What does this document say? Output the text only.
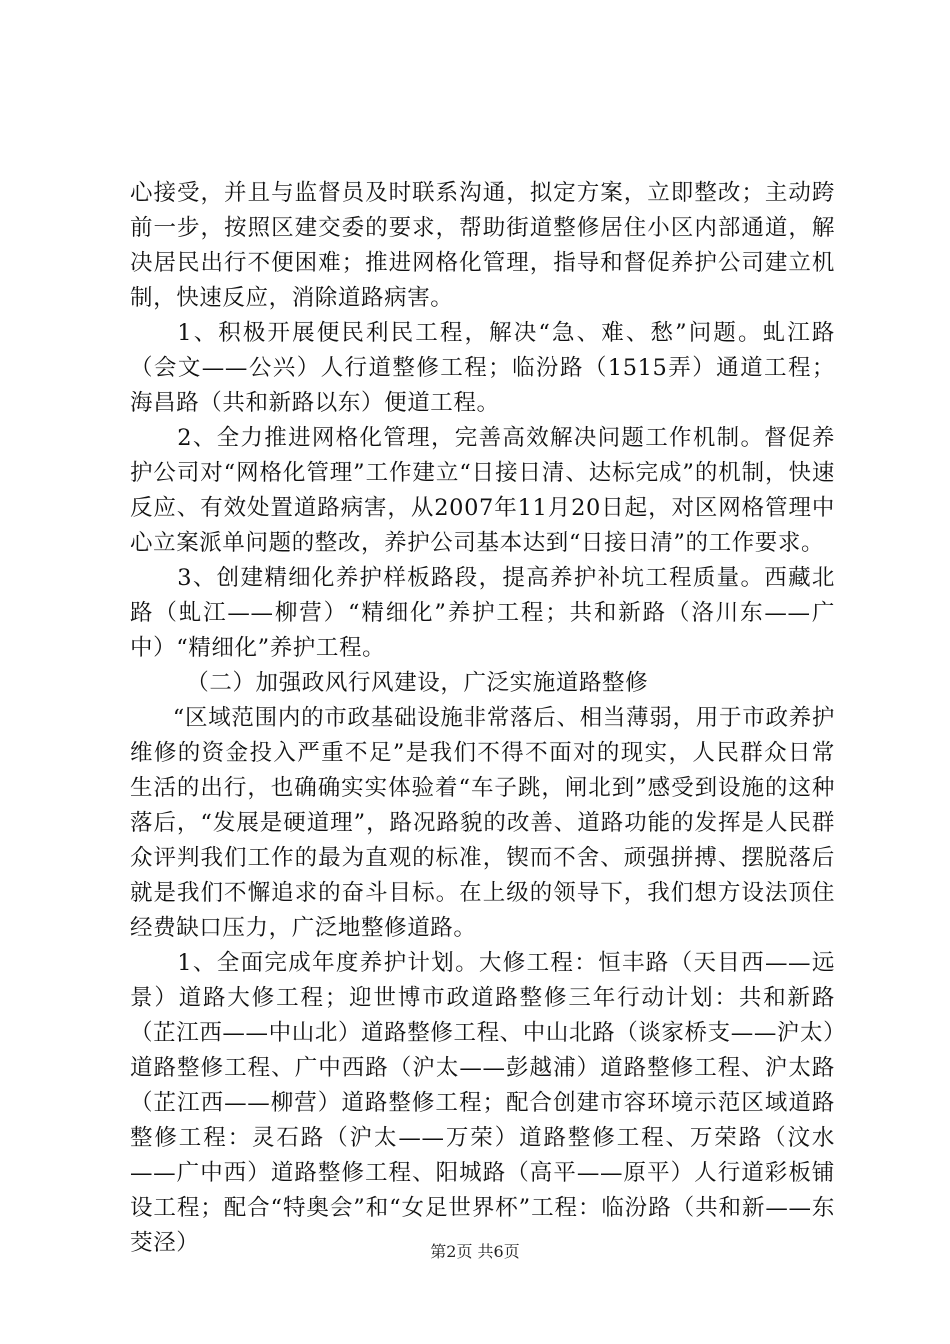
心接受，并且与监督员及时联系沟通，拟定方案，立即整改；主动跨前一步，按照区建交委的要求，帮助街道整修居住小区内部通道，解决居民出行不便困难；推进网格化管理，指导和督促养护公司建立机制，快速反应，消除道路病害。

1、积极开展便民利民工程，解决“急、难、愁”问题。虬江路（会文——公兴）人行道整修工程；临汾路（1515弄）通道工程；海昌路（共和新路以东）便道工程。

2、全力推进网格化管理，完善高效解决问题工作机制。督促养护公司对“网格化管理”工作建立“日接日清、达标完成”的机制，快速反应、有效处置道路病害，从2007年11月20日起，对区网格管理中心立案派单问题的整改，养护公司基本达到“日接日清”的工作要求。

3、创建精细化养护样板路段，提高养护补坑工程质量。西藏北路（虬江——柳营）“精细化”养护工程；共和新路（洛川东——广中）“精细化”养护工程。

（二）加强政风行风建设，广泛实施道路整修

“区域范围内的市政基础设施非常落后、相当薄弱，用于市政养护维修的资金投入严重不足”是我们不得不面对的现实，人民群众日常生活的出行，也确确实实体验着“车子跳，闸北到”感受到设施的这种落后，“发展是硬道理”，路况路貌的改善、道路功能的发挥是人民群众评判我们工作的最为直观的标准，锲而不舍、顽强拼搏、摆脱落后就是我们不懈追求的奋斗目标。在上级的领导下，我们想方设法顶住经费缺口压力，广泛地整修道路。

1、全面完成年度养护计划。大修工程：恒丰路（天目西——远景）道路大修工程；迎世博市政道路整修三年行动计划：共和新路（芷江西——中山北）道路整修工程、中山北路（谈家桥支——沪太）道路整修工程、广中西路（沪太——彭越浦）道路整修工程、沪太路（芷江西——柳营）道路整修工程；配合创建市容环境示范区域道路整修工程：灵石路（沪太——万荣）道路整修工程、万荣路（汶水——广中西）道路整修工程、阳城路（高平——原平）人行道彩板铺设工程；配合“特奥会”和“女足世界杯”工程：临汾路（共和新——东茭泾）	第2页 共6页
